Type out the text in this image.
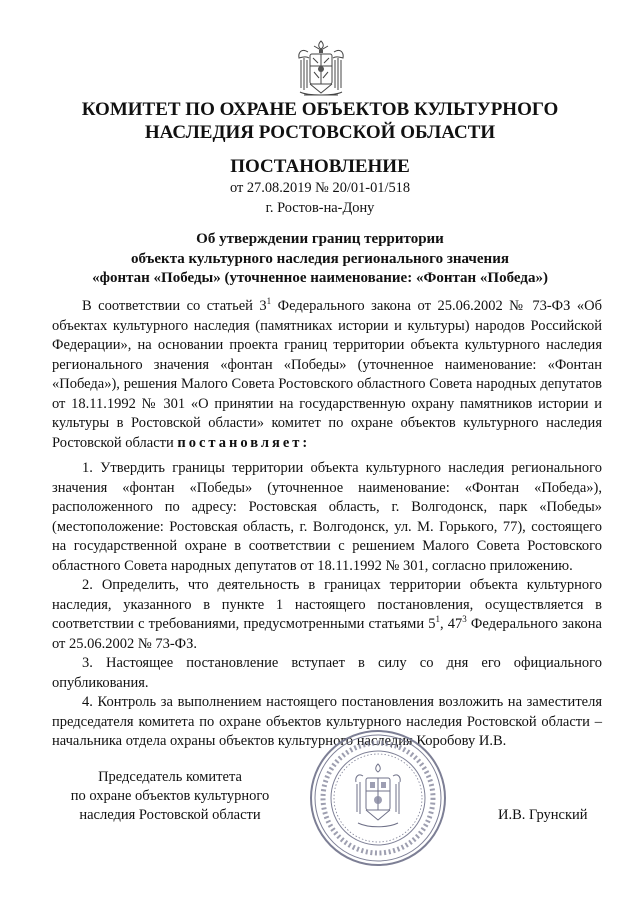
КОМИТЕТ ПО ОХРАНЕ ОБЪЕКТОВ КУЛЬТУРНОГО
НАСЛЕДИЯ РОСТОВСКОЙ ОБЛАСТИ
ПОСТАНОВЛЕНИЕ
от 27.08.2019 № 20/01-01/518
г. Ростов-на-Дону
Об утверждении границ территории
объекта культурного наследия регионального значения
«фонтан «Победы» (уточненное наименование: «Фонтан «Победа»)

В соответствии со статьей $3^1$ Федерального закона от 25.06.2002 № 73-ФЗ «Об объектах культурного наследия (памятниках истории и культуры) народов Российской Федерации», на основании проекта границ территории объекта культурного наследия регионального значения «фонтан «Победы» (уточненное наименование: «Фонтан «Победа»), решения Малого Совета Ростовского областного Совета народных депутатов от 18.11.1992 № 301 «О принятии на государственную охрану памятников истории и культуры в Ростовской области» комитет по охране объектов культурного наследия Ростовской области постановляет:

1. Утвердить границы территории объекта культурного наследия регионального значения «фонтан «Победы» (уточненное наименование: «Фонтан «Победа»), расположенного по адресу: Ростовская область, г. Волгодонск, парк «Победы» (местоположение: Ростовская область, г. Волгодонск, ул. М. Горького, 77), состоящего на государственной охране в соответствии с решением Малого Совета Ростовского областного Совета народных депутатов от 18.11.1992 № 301, согласно приложению.

2. Определить, что деятельность в границах территории объекта культурного наследия, указанного в пункте 1 настоящего постановления, осуществляется в соответствии с требованиями, предусмотренными статьями $5^1$, $47^3$ Федерального закона от 25.06.2002 № 73-ФЗ.

3. Настоящее постановление вступает в силу со дня его официального опубликования.

4. Контроль за выполнением настоящего постановления возложить на заместителя председателя комитета по охране объектов культурного наследия Ростовской области – начальника отдела охраны объектов культурного наследия Коробову И.В.

Председатель комитета
по охране объектов культурного
наследия Ростовской области	И.В. Грунский
